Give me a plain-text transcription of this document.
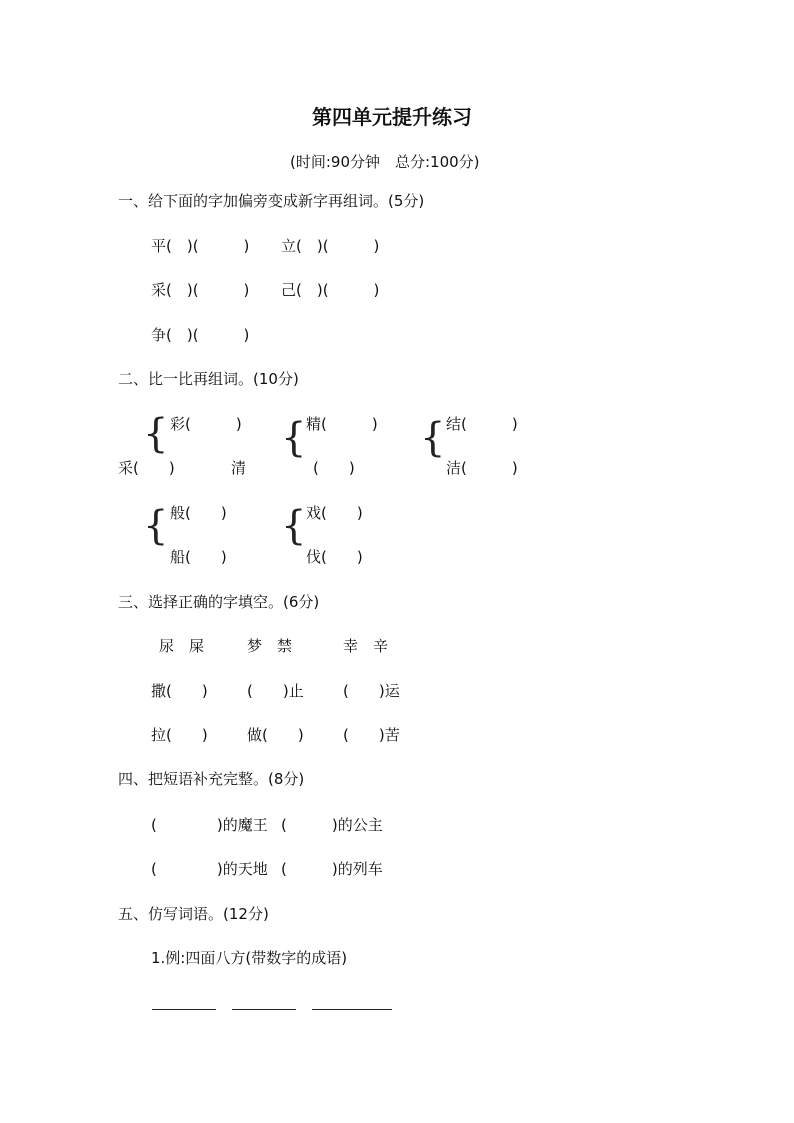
第四单元提升练习
(时间:90分钟　总分:100分)
一、给下面的字加偏旁变成新字再组词。(5分)
平(　)(　　　) 立(　)(　　　)
采(　)(　　　) 己(　)(　　　)
争(　)(　　　)
二、比一比再组词。(10分)
{ 彩(　　　)
采(　　)
{ 精(　　　)
清	(　　)
{ 结(　　　)
洁(　　　)
{ 般(　　)
船(　　)
{ 戏(　　)
伐(　　)
三、选择正确的字填空。(6分)
尿　屎	梦　禁	幸　辛
撒(　　)	(　　)止	(　　)运
拉(　　)	做(　　)	(　　)苦
四、把短语补充完整。(8分)
(　　　　)的魔王 (　　　)的公主
(　　　　)的天地 (　　　)的列车
五、仿写词语。(12分)
1.例:四面八方(带数字的成语)
